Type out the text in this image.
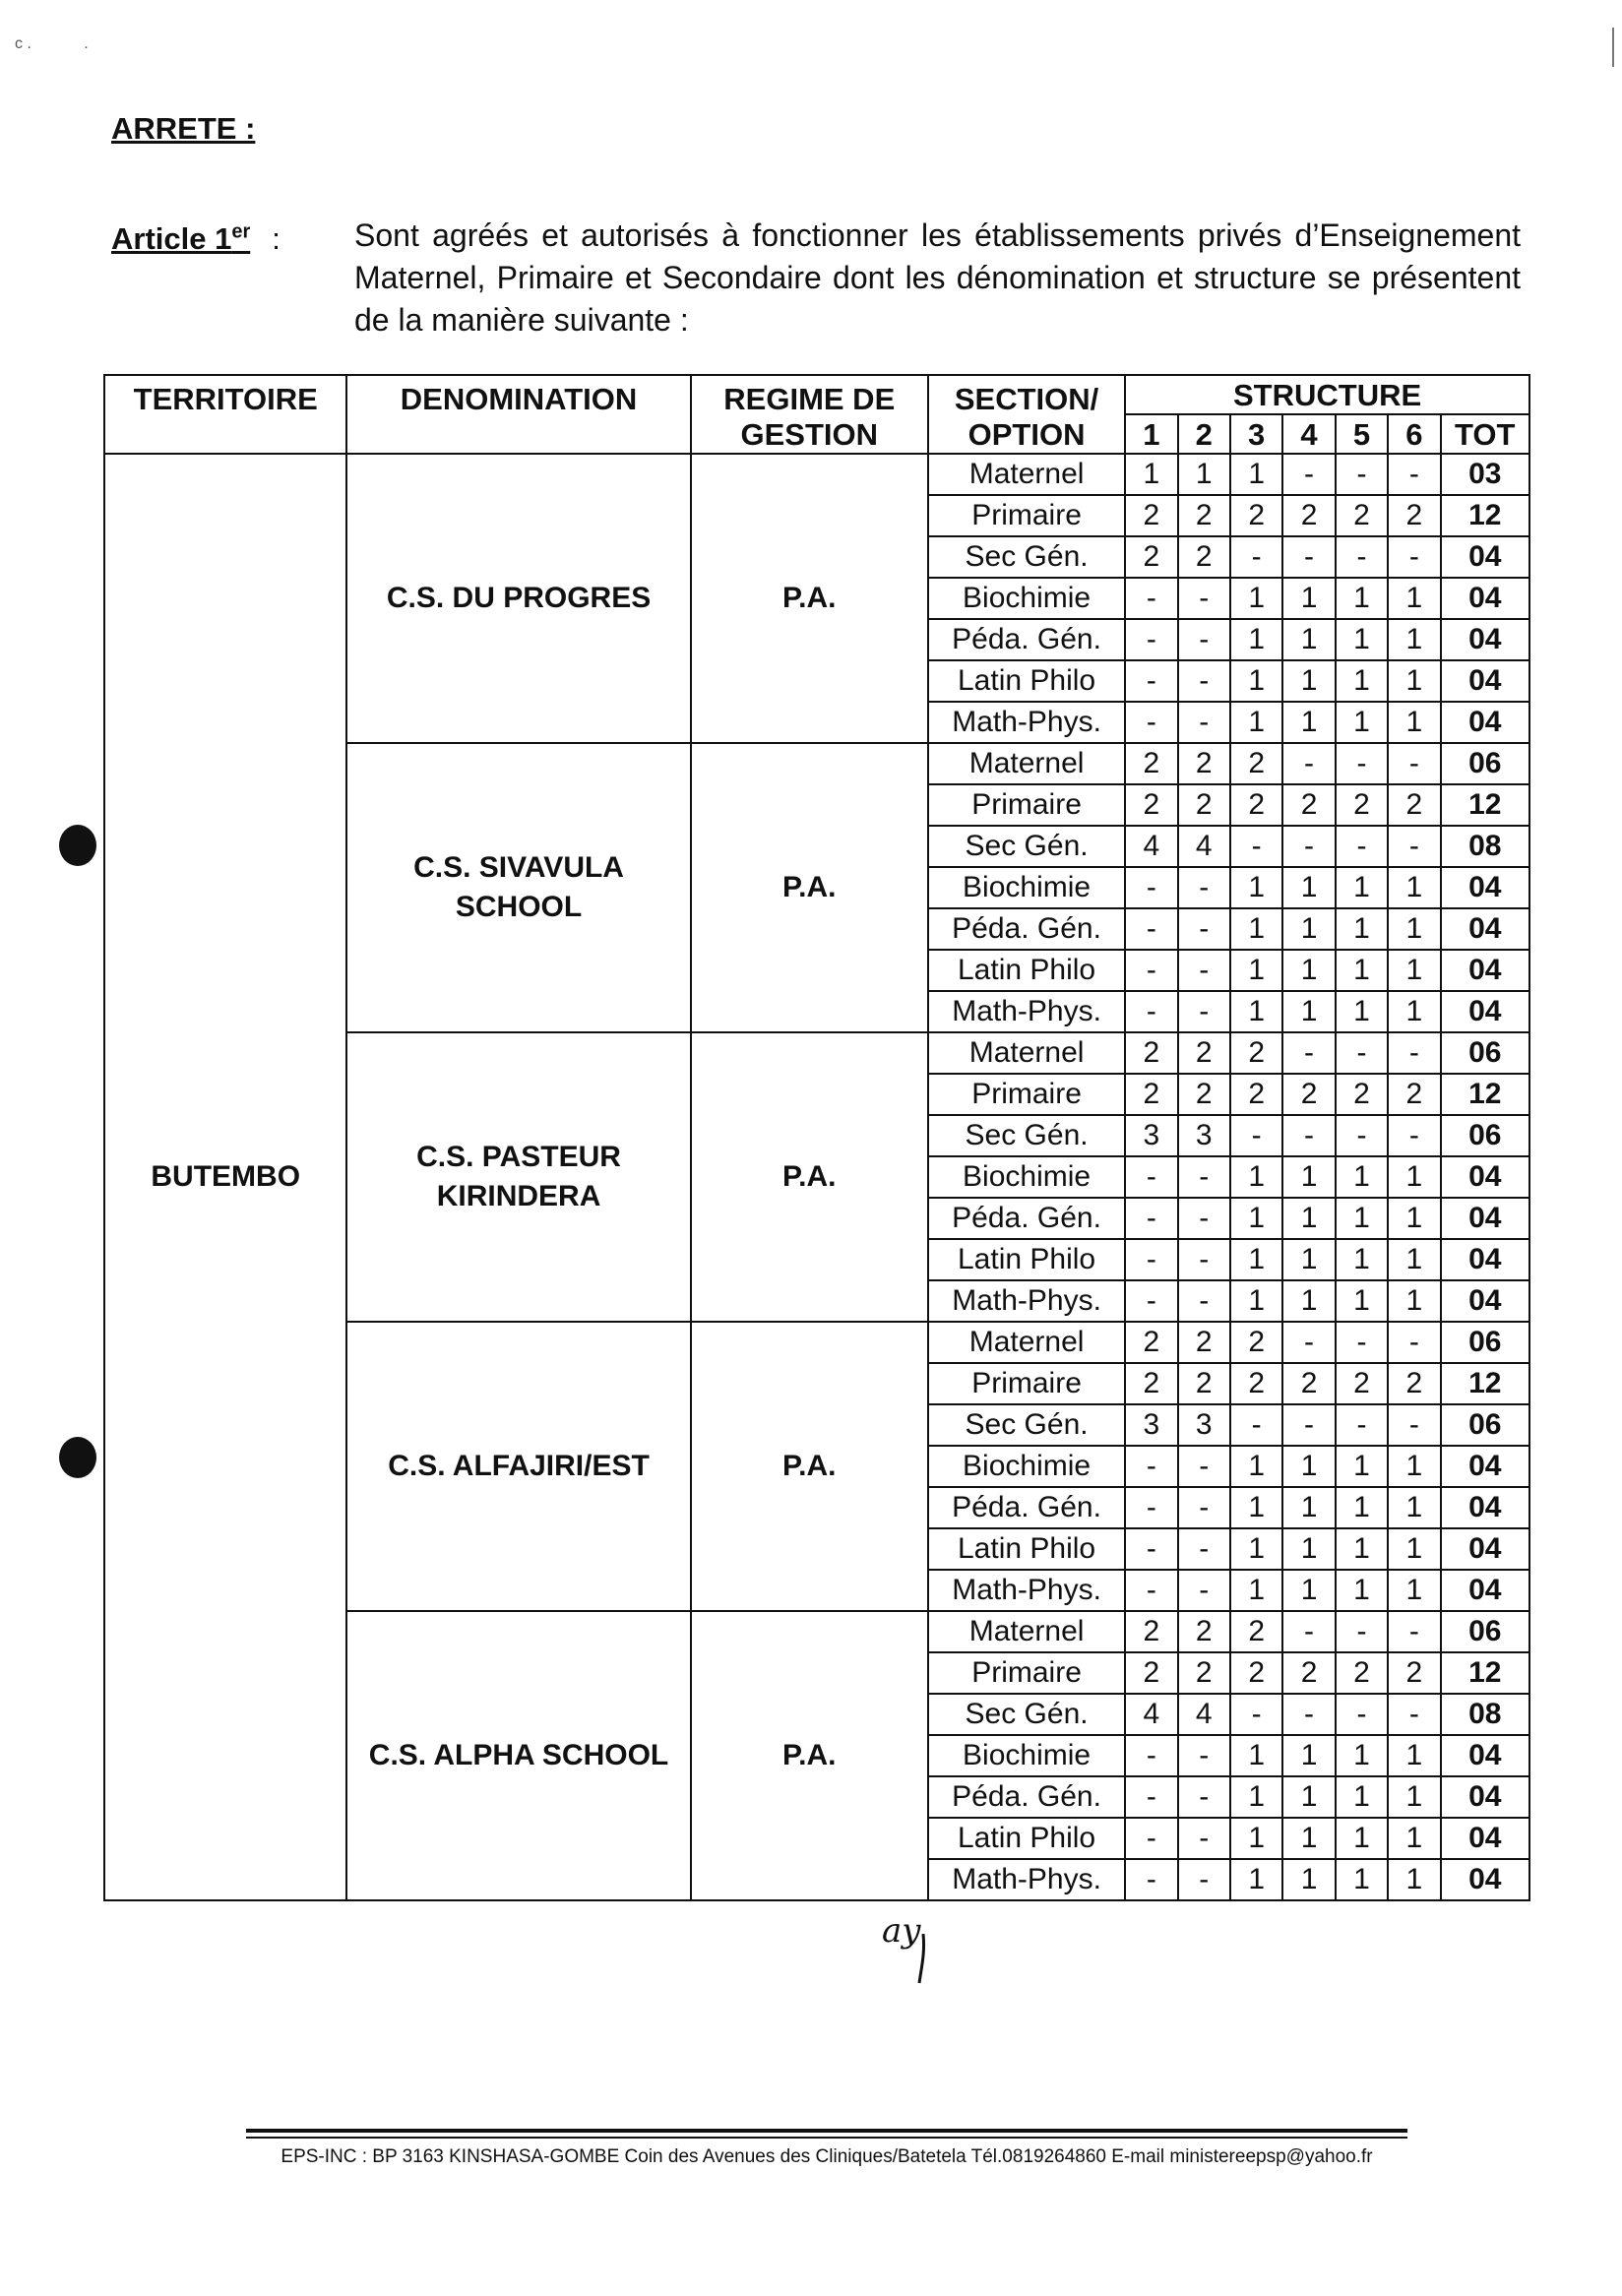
c .            .
ARRETE :
Article 1er : Sont agréés et autorisés à fonctionner les établissements privés d’Enseignement Maternel, Primaire et Secondaire dont les dénomination et structure se présentent de la manière suivante :
TERRITOIRE	DENOMINATION	REGIME DE GESTION	SECTION/ OPTION	STRUCTURE						
				1	2	3	4	5	6	TOT
BUTEMBO	C.S. DU PROGRES	P.A.	Maternel	1	1	1	-	-	-	03
			Primaire	2	2	2	2	2	2	12
			Sec Gén.	2	2	-	-	-	-	04
			Biochimie	-	-	1	1	1	1	04
			Péda. Gén.	-	-	1	1	1	1	04
			Latin Philo	-	-	1	1	1	1	04
			Math-Phys.	-	-	1	1	1	1	04
	C.S. SIVAVULA SCHOOL	P.A.	Maternel	2	2	2	-	-	-	06
			Primaire	2	2	2	2	2	2	12
			Sec Gén.	4	4	-	-	-	-	08
			Biochimie	-	-	1	1	1	1	04
			Péda. Gén.	-	-	1	1	1	1	04
			Latin Philo	-	-	1	1	1	1	04
			Math-Phys.	-	-	1	1	1	1	04
	C.S. PASTEUR KIRINDERA	P.A.	Maternel	2	2	2	-	-	-	06
			Primaire	2	2	2	2	2	2	12
			Sec Gén.	3	3	-	-	-	-	06
			Biochimie	-	-	1	1	1	1	04
			Péda. Gén.	-	-	1	1	1	1	04
			Latin Philo	-	-	1	1	1	1	04
			Math-Phys.	-	-	1	1	1	1	04
	C.S. ALFAJIRI/EST	P.A.	Maternel	2	2	2	-	-	-	06
			Primaire	2	2	2	2	2	2	12
			Sec Gén.	3	3	-	-	-	-	06
			Biochimie	-	-	1	1	1	1	04
			Péda. Gén.	-	-	1	1	1	1	04
			Latin Philo	-	-	1	1	1	1	04
			Math-Phys.	-	-	1	1	1	1	04
	C.S. ALPHA SCHOOL	P.A.	Maternel	2	2	2	-	-	-	06
			Primaire	2	2	2	2	2	2	12
			Sec Gén.	4	4	-	-	-	-	08
			Biochimie	-	-	1	1	1	1	04
			Péda. Gén.	-	-	1	1	1	1	04
			Latin Philo	-	-	1	1	1	1	04
			Math-Phys.	-	-	1	1	1	1	04
ay
EPS-INC : BP 3163 KINSHASA-GOMBE Coin des Avenues des Cliniques/Batetela Tél.0819264860 E-mail ministereepsp@yahoo.fr
